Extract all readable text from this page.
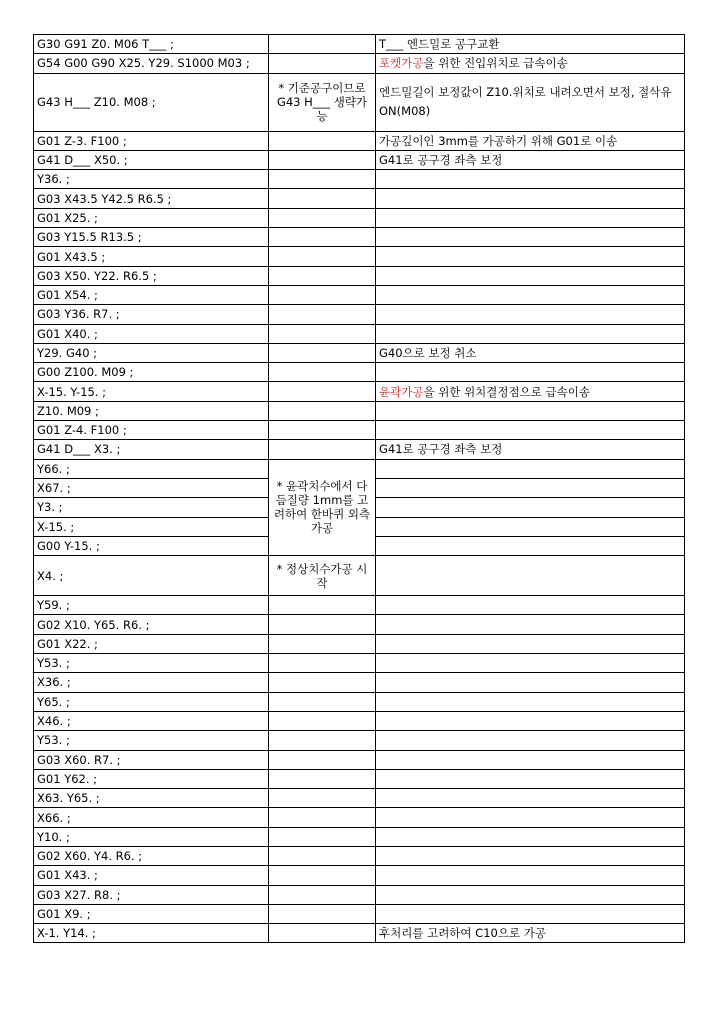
G30 G91 Z0. M06 T___ ;		T___ 엔드밀로 공구교환
G54 G00 G90 X25. Y29. S1000 M03 ;		포켓가공을 위한 진입위치로 급속이송
G43 H___ Z10. M08 ;	* 기준공구이므로 G43 H___ 생략가능	엔드밀길이 보정값이 Z10.위치로 내려오면서 보정, 절삭유 ON(M08)
G01 Z-3. F100 ;		가공깊이인 3mm를 가공하기 위해 G01로 이송
G41 D___ X50. ;		G41로 공구경 좌측 보정
Y36. ;		
G03 X43.5 Y42.5 R6.5 ;		
G01 X25. ;		
G03 Y15.5 R13.5 ;		
G01 X43.5 ;		
G03 X50. Y22. R6.5 ;		
G01 X54. ;		
G03 Y36. R7. ;		
G01 X40. ;		
Y29. G40 ;		G40으로 보정 취소
G00 Z100. M09 ;		
X-15. Y-15. ;		윤곽가공을 위한 위치결정점으로 급속이송
Z10. M09 ;		
G01 Z-4. F100 ;		
G41 D___ X3. ;		G41로 공구경 좌측 보정
Y66. ;	* 윤곽치수에서 다듬질량 1mm를 고려하여 한바퀴 외측가공	
X67. ;		
Y3. ;		
X-15. ;		
G00 Y-15. ;		
X4. ;	* 정상치수가공 시작	
Y59. ;		
G02 X10. Y65. R6. ;		
G01 X22. ;		
Y53. ;		
X36. ;		
Y65. ;		
X46. ;		
Y53. ;		
G03 X60. R7. ;		
G01 Y62. ;		
X63. Y65. ;		
X66. ;		
Y10. ;		
G02 X60. Y4. R6. ;		
G01 X43. ;		
G03 X27. R8. ;		
G01 X9. ;		
X-1. Y14. ;		후처리를 고려하여 C10으로 가공
